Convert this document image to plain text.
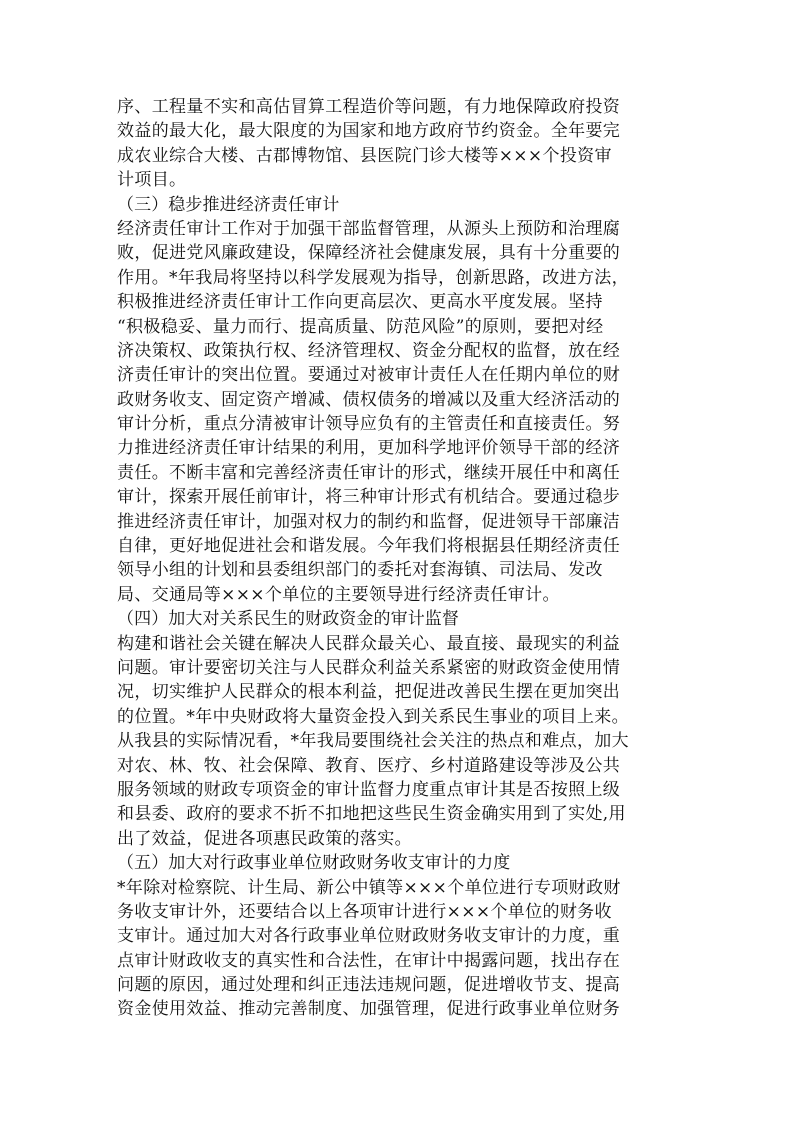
序、工程量不实和高估冒算工程造价等问题，有力地保障政府投资
效益的最大化，最大限度的为国家和地方政府节约资金。全年要完
成农业综合大楼、古郡博物馆、县医院门诊大楼等×××个投资审
计项目。
（三）稳步推进经济责任审计
经济责任审计工作对于加强干部监督管理，从源头上预防和治理腐
败，促进党风廉政建设，保障经济社会健康发展，具有十分重要的
作用。*年我局将坚持以科学发展观为指导，创新思路，改进方法，
积极推进经济责任审计工作向更高层次、更高水平度发展。坚持
“积极稳妥、量力而行、提高质量、防范风险”的原则，要把对经
济决策权、政策执行权、经济管理权、资金分配权的监督，放在经
济责任审计的突出位置。要通过对被审计责任人在任期内单位的财
政财务收支、固定资产增减、债权债务的增减以及重大经济活动的
审计分析，重点分清被审计领导应负有的主管责任和直接责任。努
力推进经济责任审计结果的利用，更加科学地评价领导干部的经济
责任。不断丰富和完善经济责任审计的形式，继续开展任中和离任
审计，探索开展任前审计，将三种审计形式有机结合。要通过稳步
推进经济责任审计，加强对权力的制约和监督，促进领导干部廉洁
自律，更好地促进社会和谐发展。今年我们将根据县任期经济责任
领导小组的计划和县委组织部门的委托对套海镇、司法局、发改
局、交通局等×××个单位的主要领导进行经济责任审计。
（四）加大对关系民生的财政资金的审计监督
构建和谐社会关键在解决人民群众最关心、最直接、最现实的利益
问题。审计要密切关注与人民群众利益关系紧密的财政资金使用情
况，切实维护人民群众的根本利益，把促进改善民生摆在更加突出
的位置。*年中央财政将大量资金投入到关系民生事业的项目上来。
从我县的实际情况看，*年我局要围绕社会关注的热点和难点，加大
对农、林、牧、社会保障、教育、医疗、乡村道路建设等涉及公共
服务领域的财政专项资金的审计监督力度重点审计其是否按照上级
和县委、政府的要求不折不扣地把这些民生资金确实用到了实处,用
出了效益，促进各项惠民政策的落实。
（五）加大对行政事业单位财政财务收支审计的力度
*年除对检察院、计生局、新公中镇等×××个单位进行专项财政财
务收支审计外，还要结合以上各项审计进行×××个单位的财务收
支审计。通过加大对各行政事业单位财政财务收支审计的力度，重
点审计财政收支的真实性和合法性，在审计中揭露问题，找出存在
问题的原因，通过处理和纠正违法违规问题，促进增收节支、提高
资金使用效益、推动完善制度、加强管理，促进行政事业单位财务
